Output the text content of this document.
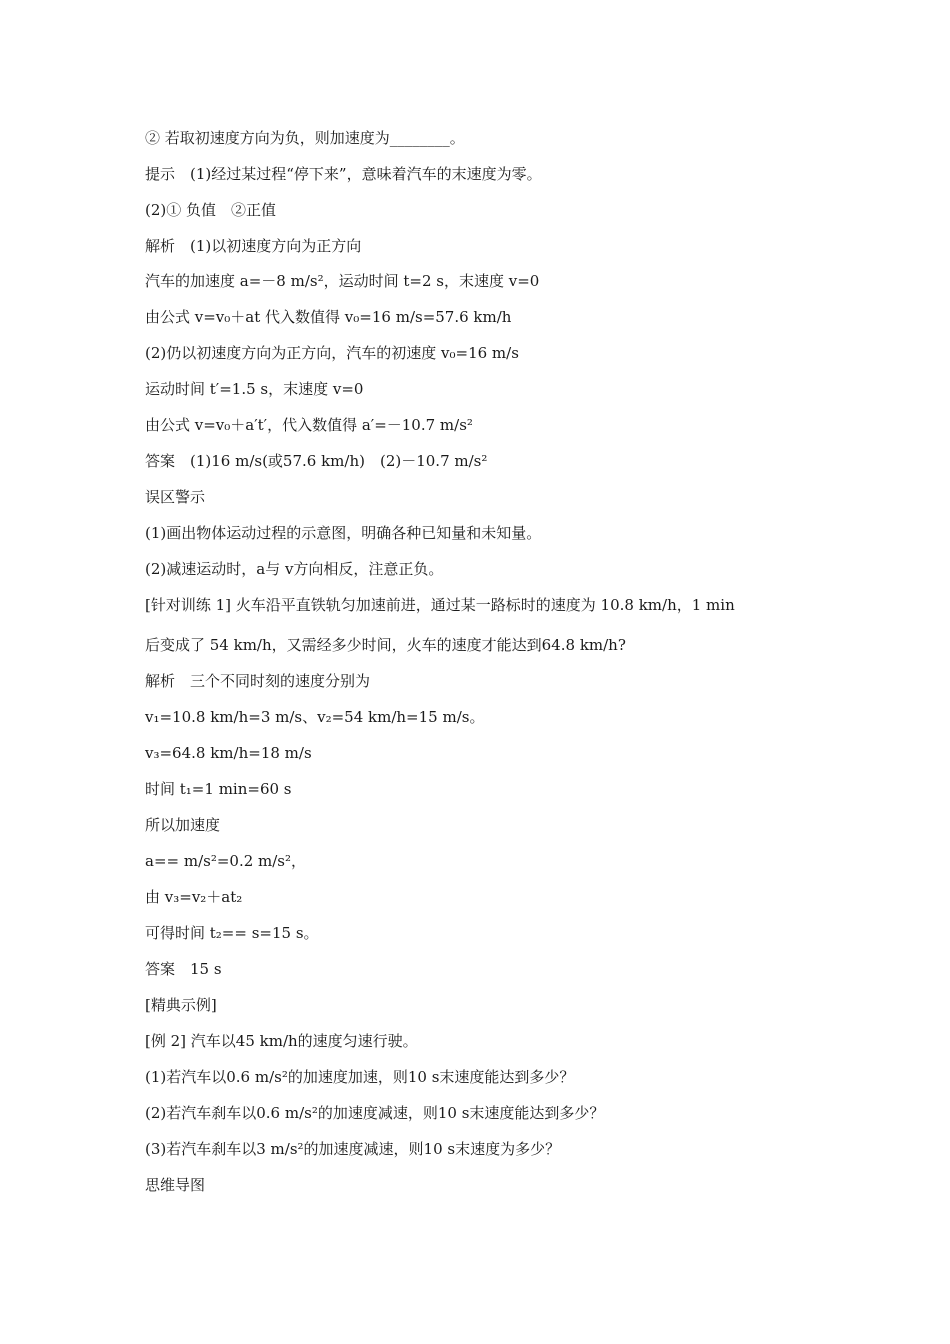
② 若取初速度方向为负，则加速度为________。
提示　(1)经过某过程“停下来”，意味着汽车的末速度为零。
(2)① 负值　②正值
解析　(1)以初速度方向为正方向
汽车的加速度 a=－8 m/s²，运动时间 t=2 s，末速度 v=0
由公式 v=v₀＋at 代入数值得 v₀=16 m/s=57.6 km/h
(2)仍以初速度方向为正方向，汽车的初速度 v₀=16 m/s
运动时间 t′=1.5 s，末速度 v=0
由公式 v=v₀＋a′t′，代入数值得 a′=－10.7 m/s²
答案　(1)16 m/s(或57.6 km/h)　(2)－10.7 m/s²
误区警示
(1)画出物体运动过程的示意图，明确各种已知量和未知量。
(2)减速运动时，a与 v方向相反，注意正负。
[针对训练 1] 火车沿平直铁轨匀加速前进，通过某一路标时的速度为 10.8 km/h，1 min
后变成了 54 km/h，又需经多少时间，火车的速度才能达到64.8 km/h?
解析　三个不同时刻的速度分别为
v₁=10.8 km/h=3 m/s、v₂=54 km/h=15 m/s。
v₃=64.8 km/h=18 m/s
时间 t₁=1 min=60 s
所以加速度
a== m/s²=0.2 m/s²，
由 v₃=v₂＋at₂
可得时间 t₂== s=15 s。
答案　15 s
[精典示例]
[例 2] 汽车以45 km/h的速度匀速行驶。
(1)若汽车以0.6 m/s²的加速度加速，则10 s末速度能达到多少？
(2)若汽车刹车以0.6 m/s²的加速度减速，则10 s末速度能达到多少？
(3)若汽车刹车以3 m/s²的加速度减速，则10 s末速度为多少？
思维导图
